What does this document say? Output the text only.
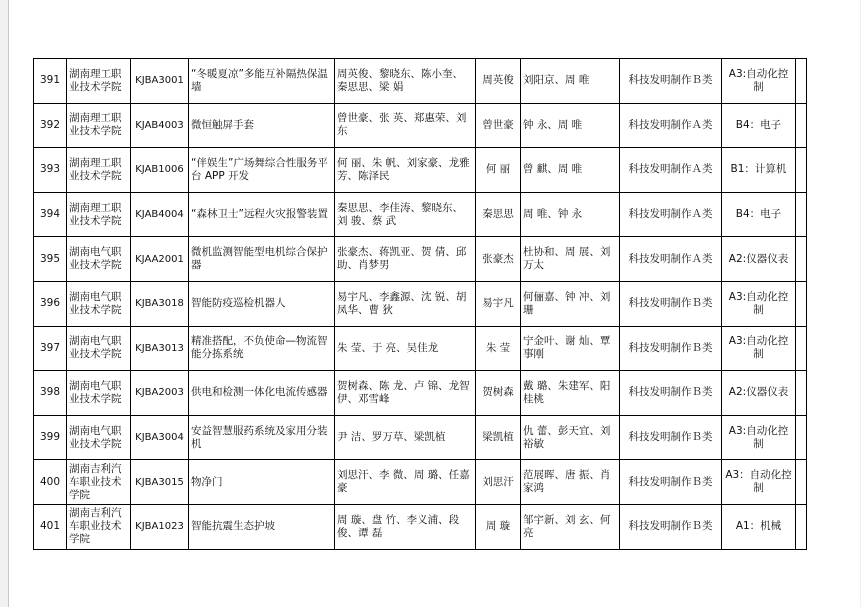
391	湖南理工职业技术学院	KJBA3001	“冬暖夏凉”多能互补隔热保温墙	周英俊、黎晓东、陈小奎、秦思思、梁 娟	周英俊	刘阳京、周 唯	科技发明制作Ｂ类	A3:自动化控制	
392	湖南理工职业技术学院	KJAB4003	微恒触屏手套	曾世豪、张 英、郑惠荣、刘 东	曾世豪	钟 永、周 唯	科技发明制作Ａ类	B4：电子	
393	湖南理工职业技术学院	KJAB1006	“伴娱生”广场舞综合性服务平台 APP 开发	何 丽、朱 帆、刘家豪、龙雅芳、陈泽民	何 丽	曾 麒、周 唯	科技发明制作Ａ类	B1：计算机	
394	湖南理工职业技术学院	KJAB4004	“森林卫士”远程火灾报警装置	秦思思、李佳涛、黎晓东、刘 骏、蔡 武	秦思思	周 唯、钟 永	科技发明制作Ａ类	B4：电子	
395	湖南电气职业技术学院	KJAA2001	微机监测智能型电机综合保护器	张豪杰、蒋凯亚、贺 倩、邱 助、肖梦男	张豪杰	杜协和、周 展、刘万太	科技发明制作Ａ类	A2:仪器仪表	
396	湖南电气职业技术学院	KJBA3018	智能防疫巡检机器人	易宇凡、李鑫源、沈 锐、胡凤华、曹 狄	易宇凡	何俪嘉、钟 冲、刘 珊	科技发明制作Ｂ类	A3:自动化控制	
397	湖南电气职业技术学院	KJBA3013	精准搭配，不负使命—物流智能分拣系统	朱 莹、于 亮、吴佳龙	朱 莹	宁金叶、谢 灿、覃事刚	科技发明制作Ｂ类	A3:自动化控制	
398	湖南电气职业技术学院	KJBA2003	供电和检测一体化电流传感器	贺树森、陈 龙、卢 锦、龙智伊、邓雪峰	贺树森	戴 璐、朱建军、阳桂桃	科技发明制作Ｂ类	A2:仪器仪表	
399	湖南电气职业技术学院	KJBA3004	安益智慧服药系统及家用分装机	尹 洁、罗万草、梁凯植	梁凯植	仇 蕾、彭天宜、刘裕敏	科技发明制作Ｂ类	A3:自动化控制	
400	湖南吉利汽车职业技术学院	KJBA3015	物净门	刘思汗、李 微、周 璐、任嘉豪	刘思汗	范展晖、唐 振、肖家鸿	科技发明制作Ｂ类	A3：自动化控制	
401	湖南吉利汽车职业技术学院	KJBA1023	智能抗震生态护坡	周 璇、盘 竹、李义浦、段 俊、谭 磊	周 璇	邹宇新、刘 玄、何 亮	科技发明制作Ｂ类	A1：机械	
